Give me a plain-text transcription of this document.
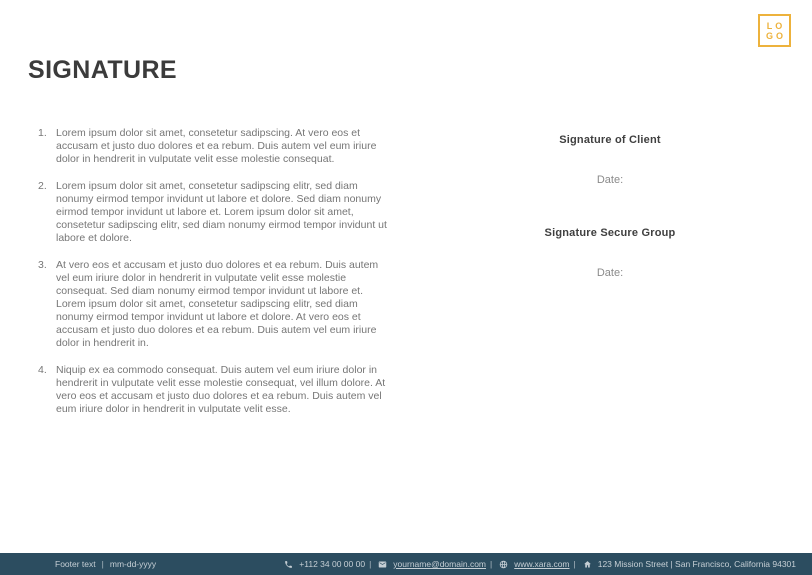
LO
GO
SIGNATURE
1. Lorem ipsum dolor sit amet, consetetur sadipscing. At vero eos et accusam et justo duo dolores et ea rebum. Duis autem vel eum iriure dolor in hendrerit in vulputate velit esse molestie consequat.
2. Lorem ipsum dolor sit amet, consetetur sadipscing elitr, sed diam nonumy eirmod tempor invidunt ut labore et dolore. Sed diam nonumy eirmod tempor invidunt ut labore et. Lorem ipsum dolor sit amet, consetetur sadipscing elitr, sed diam nonumy eirmod tempor invidunt ut labore et dolore.
3. At vero eos et accusam et justo duo dolores et ea rebum. Duis autem vel eum iriure dolor in hendrerit in vulputate velit esse molestie consequat. Sed diam nonumy eirmod tempor invidunt ut labore et. Lorem ipsum dolor sit amet, consetetur sadipscing elitr, sed diam nonumy eirmod tempor invidunt ut labore et dolore. At vero eos et accusam et justo duo dolores et ea rebum. Duis autem vel eum iriure dolor in hendrerit in.
4. Niquip ex ea commodo consequat. Duis autem vel eum iriure dolor in hendrerit in vulputate velit esse molestie consequat, vel illum dolore. At vero eos et accusam et justo duo dolores et ea rebum. Duis autem vel eum iriure dolor in hendrerit in vulputate velit esse.
Signature of Client
Date:
Signature Secure Group
Date:
Footer text | mm-dd-yyyy	+112 34 00 00 00 |	yourname@domain.com |	www.xara.com |	123 Mission Street | San Francisco, California 94301
